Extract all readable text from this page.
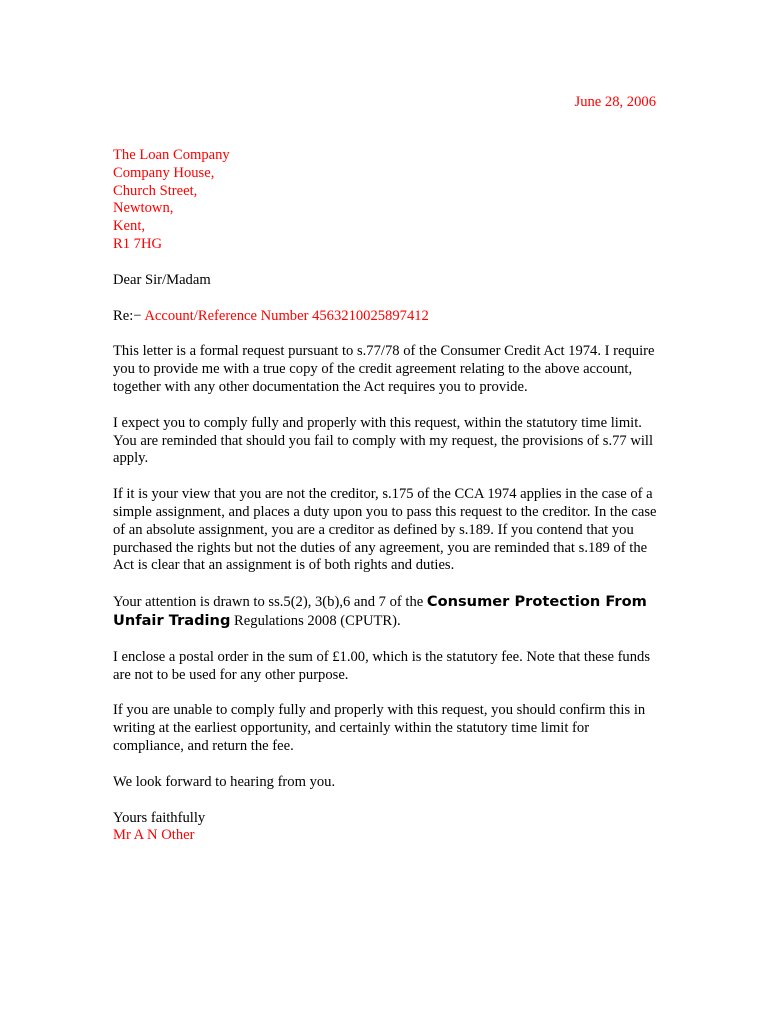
June 28, 2006
The Loan Company
Company House,
Church Street,
Newtown,
Kent,
R1 7HG
Dear Sir/Madam
Re:− Account/Reference Number 4563210025897412

This letter is a formal request pursuant to s.77/78 of the Consumer Credit Act 1974. I require you to provide me with a true copy of the credit agreement relating to the above account, together with any other documentation the Act requires you to provide.

I expect you to comply fully and properly with this request, within the statutory time limit. You are reminded that should you fail to comply with my request, the provisions of s.77 will apply.

If it is your view that you are not the creditor, s.175 of the CCA 1974 applies in the case of a simple assignment, and places a duty upon you to pass this request to the creditor. In the case of an absolute assignment, you are a creditor as defined by s.189. If you contend that you purchased the rights but not the duties of any agreement, you are reminded that s.189 of the Act is clear that an assignment is of both rights and duties.

Your attention is drawn to ss.5(2), 3(b),6 and 7 of the Consumer Protection From Unfair Trading Regulations 2008 (CPUTR).

I enclose a postal order in the sum of £1.00, which is the statutory fee. Note that these funds are not to be used for any other purpose.

If you are unable to comply fully and properly with this request, you should confirm this in writing at the earliest opportunity, and certainly within the statutory time limit for compliance, and return the fee.

We look forward to hearing from you.

Yours faithfully
Mr A N Other
